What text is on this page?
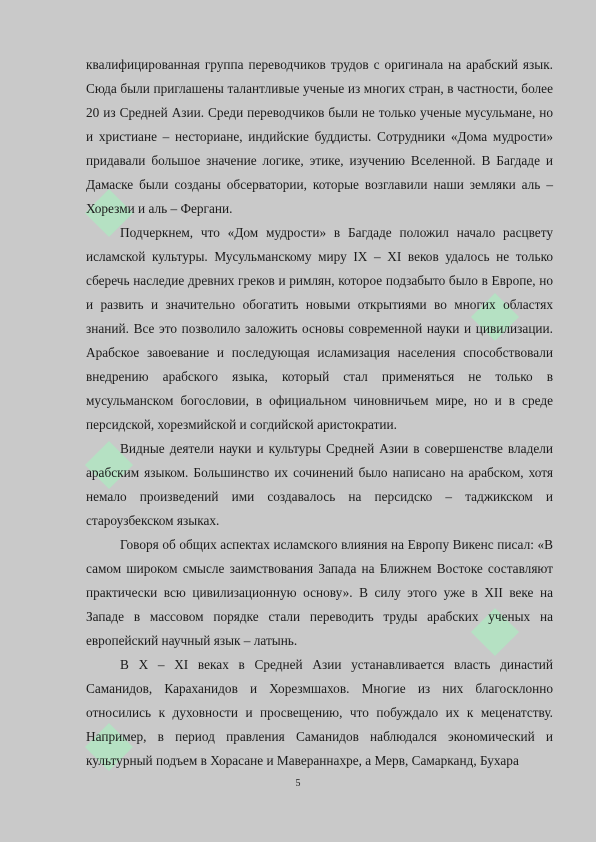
квалифицированная группа переводчиков трудов с оригинала на арабский язык. Сюда были приглашены талантливые ученые из многих стран, в частности, более 20 из Средней Азии. Среди переводчиков были не только ученые мусульмане, но и христиане – несториане, индийские буддисты. Сотрудники «Дома мудрости» придавали большое значение логике, этике, изучению Вселенной. В Багдаде и Дамаске были созданы обсерватории, которые возглавили наши земляки аль – Хорезми и аль – Фергани.

Подчеркнем, что «Дом мудрости» в Багдаде положил начало расцвету исламской культуры. Мусульманскому миру IX – XI веков удалось не только сберечь наследие древних греков и римлян, которое подзабыто было в Европе, но и развить и значительно обогатить новыми открытиями во многих областях знаний. Все это позволило заложить основы современной науки и цивилизации. Арабское завоевание и последующая исламизация населения способствовали внедрению арабского языка, который стал применяться не только в мусульманском богословии, в официальном чиновничьем мире, но и в среде персидской, хорезмийской и согдийской аристократии.

Видные деятели науки и культуры Средней Азии в совершенстве владели арабским языком. Большинство их сочинений было написано на арабском, хотя немало произведений ими создавалось на персидско – таджикском и староузбекском языках.

Говоря об общих аспектах исламского влияния на Европу Викенс писал: «В самом широком смысле заимствования Запада на Ближнем Востоке составляют практически всю цивилизационную основу». В силу этого уже в XII веке на Западе в массовом порядке стали переводить труды арабских ученых на европейский научный язык – латынь.

В X – XI веках в Средней Азии устанавливается власть династий Саманидов, Караханидов и Хорезмшахов. Многие из них благосклонно относились к духовности и просвещению, что побуждало их к меценатству. Например, в период правления Саманидов наблюдался экономический и культурный подъем в Хорасане и Мавераннахре, а Мерв, Самарканд, Бухара

5
